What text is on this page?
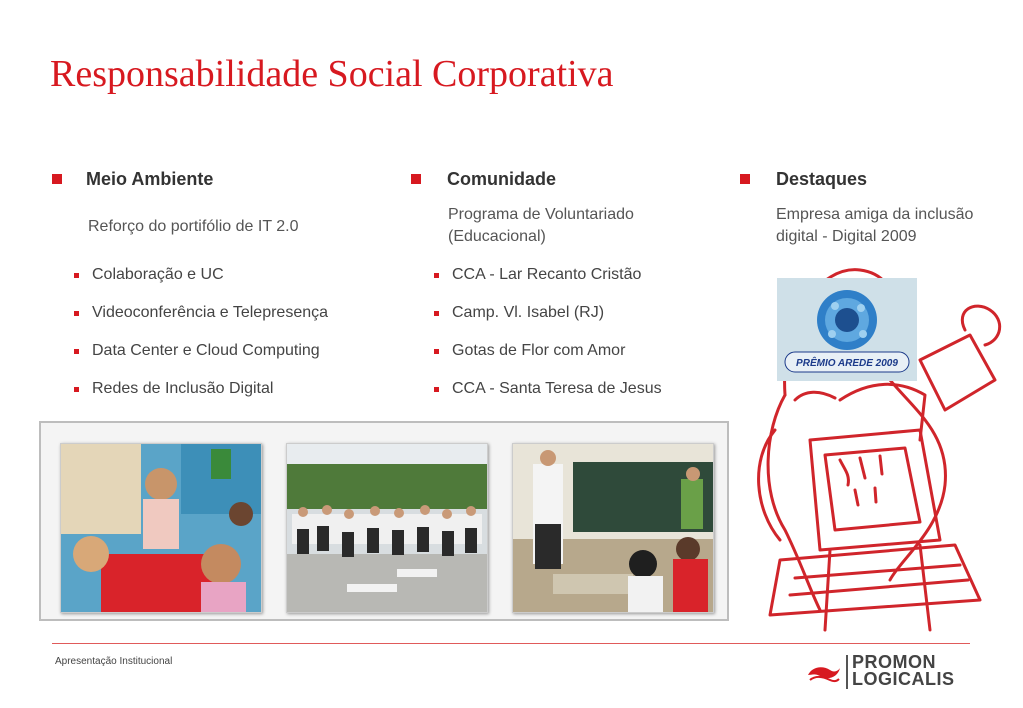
Responsabilidade Social Corporativa
Meio Ambiente
Reforço do portifólio de IT 2.0
Colaboração e UC
Videoconferência e Telepresença
Data Center e Cloud Computing
Redes de Inclusão Digital
Comunidade
Programa de Voluntariado
(Educacional)
CCA - Lar Recanto Cristão
Camp. Vl. Isabel (RJ)
Gotas de Flor com Amor
CCA - Santa Teresa de Jesus
Destaques
Empresa amiga da inclusão
digital - Digital 2009
PRÊMIO AREDE 2009
Apresentação Institucional	PROMON
LOGICALIS
